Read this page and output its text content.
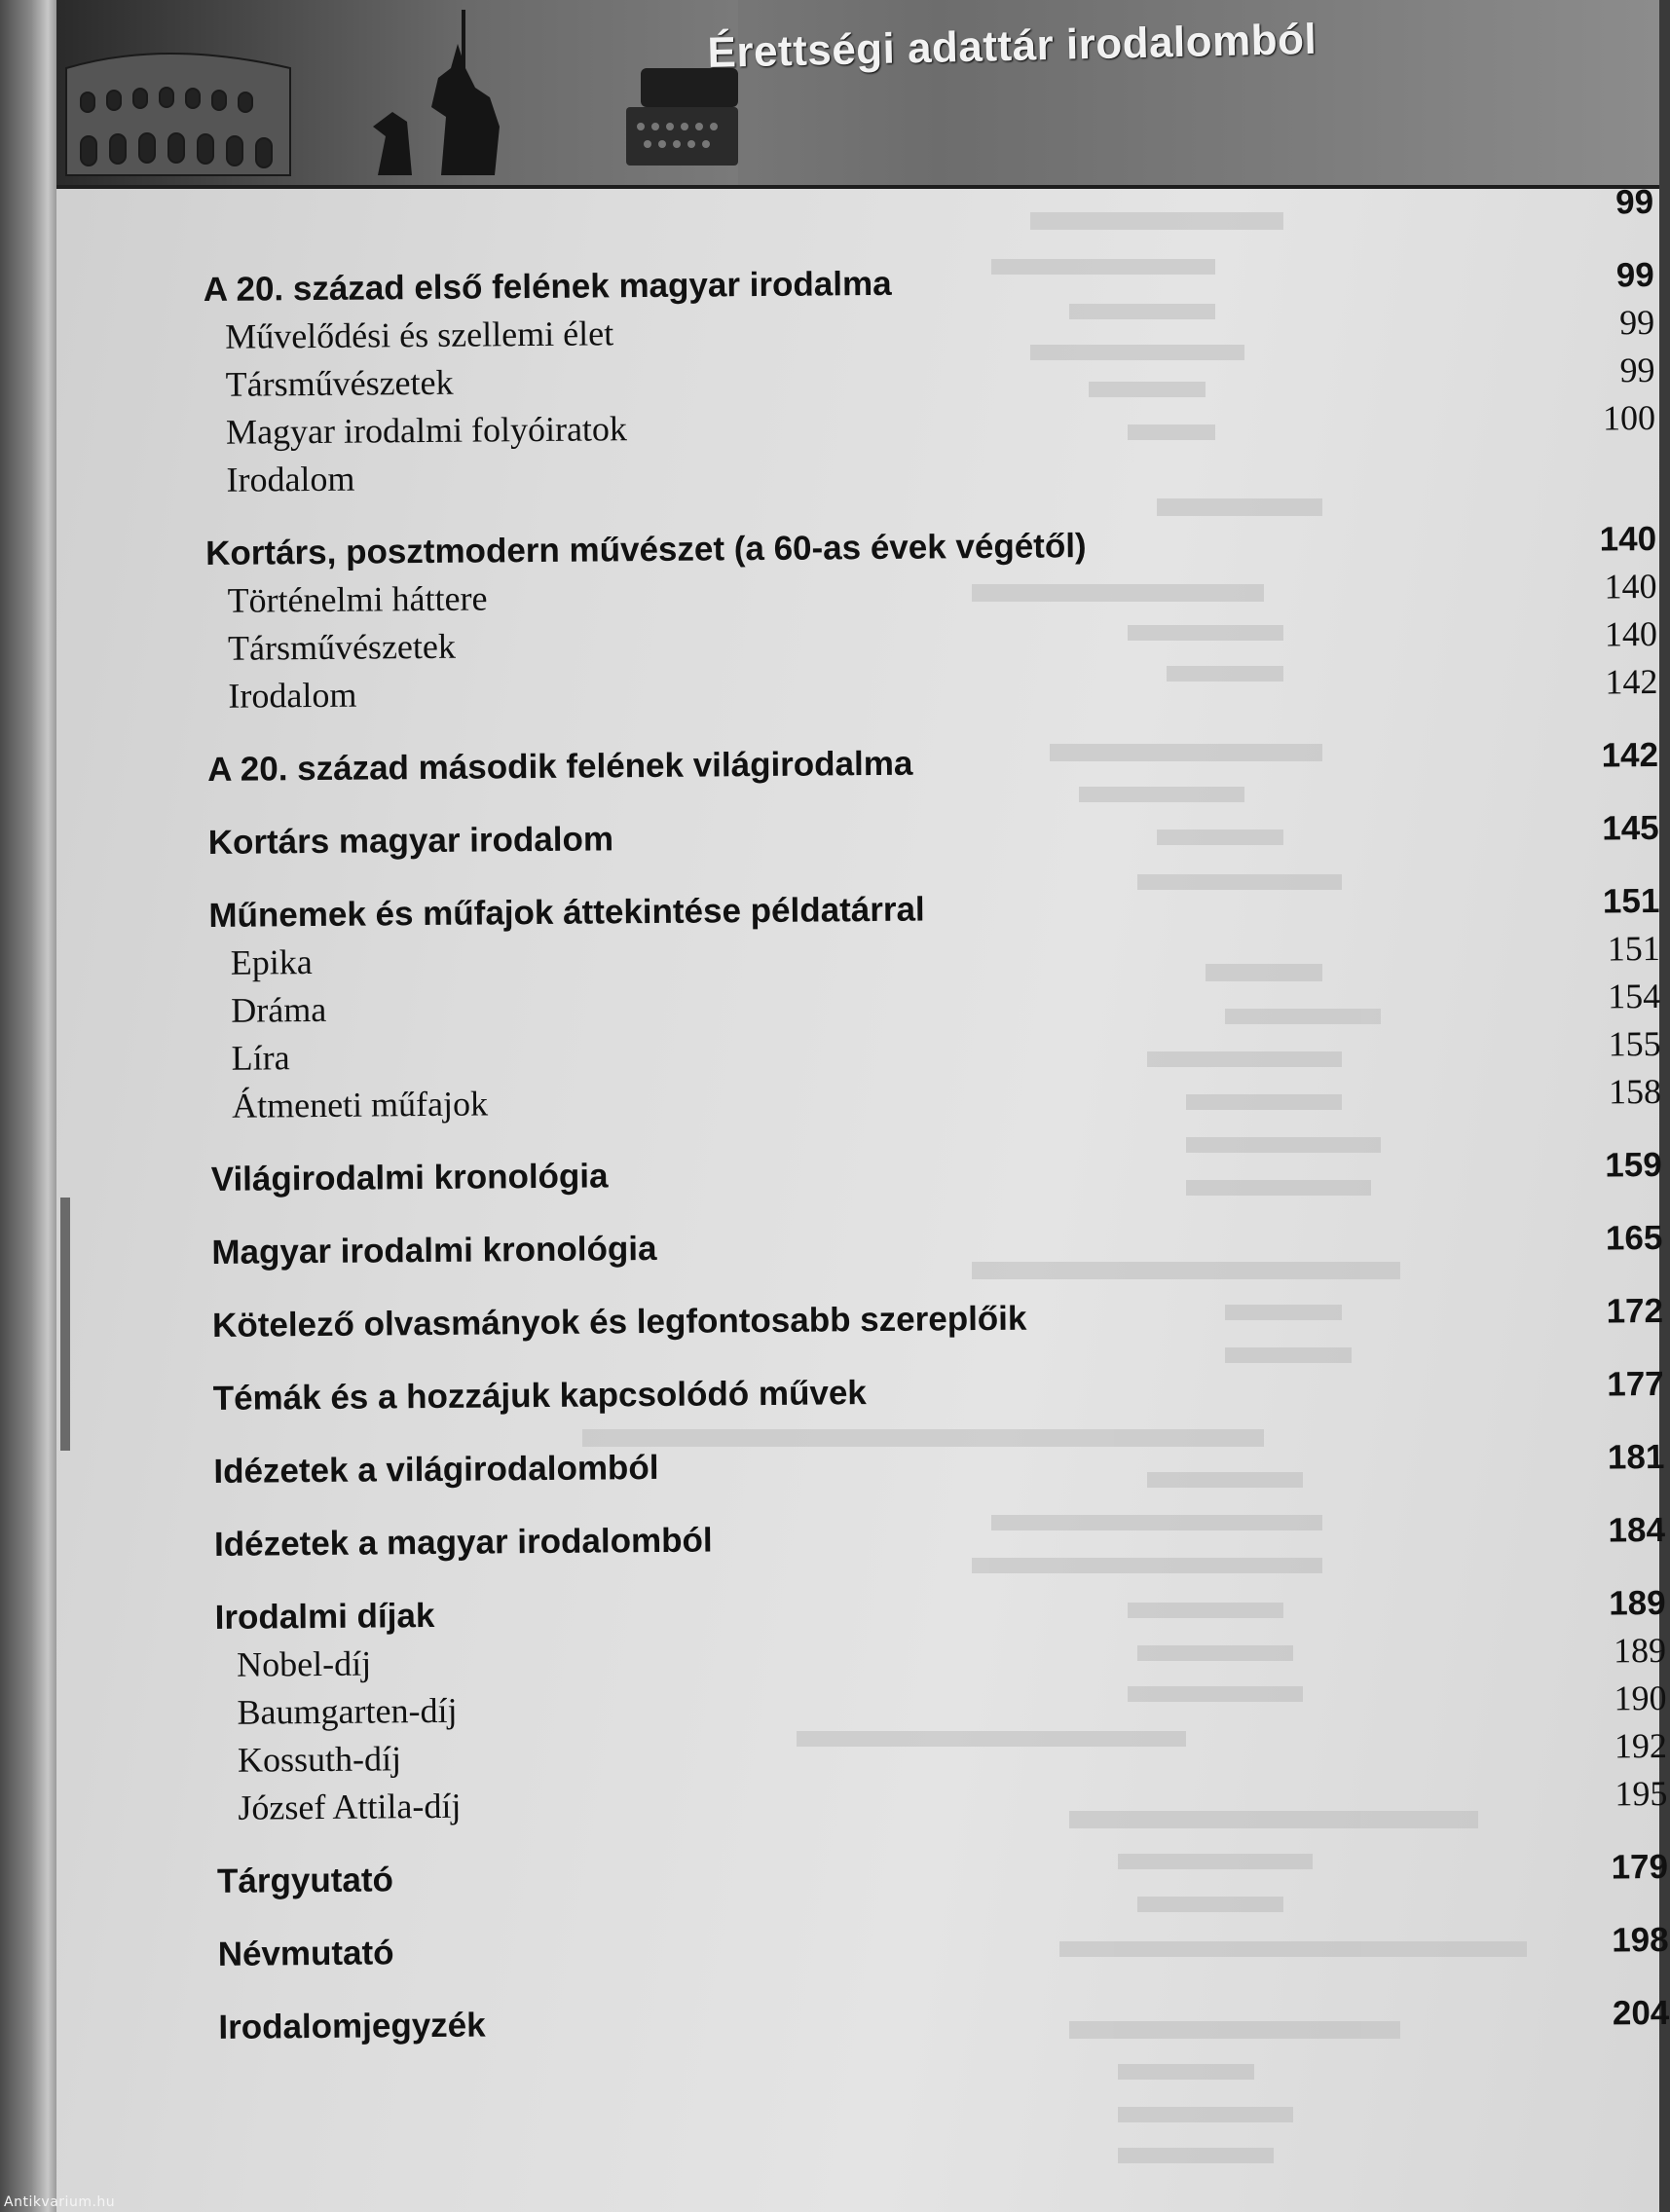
Érettségi adattár irodalomból
99
A 20. század első felének magyar irodalma	99
Művelődési és szellemi élet	99
Társművészetek	99
Magyar irodalmi folyóiratok	100
Irodalom
Kortárs, posztmodern művészet (a 60-as évek végétől)	140
Történelmi háttere	140
Társművészetek	140
Irodalom	142
A 20. század második felének világirodalma	142
Kortárs magyar irodalom	145
Műnemek és műfajok áttekintése példatárral	151
Epika	151
Dráma	154
Líra	155
Átmeneti műfajok	158
Világirodalmi kronológia	159
Magyar irodalmi kronológia	165
Kötelező olvasmányok és legfontosabb szereplőik	172
Témák és a hozzájuk kapcsolódó művek	177
Idézetek a világirodalomból	181
Idézetek a magyar irodalomból	184
Irodalmi díjak	189
Nobel-díj	189
Baumgarten-díj	190
Kossuth-díj	192
József Attila-díj	195
Tárgyutató	179
Névmutató	198
Irodalomjegyzék	204
Antikvarium.hu
